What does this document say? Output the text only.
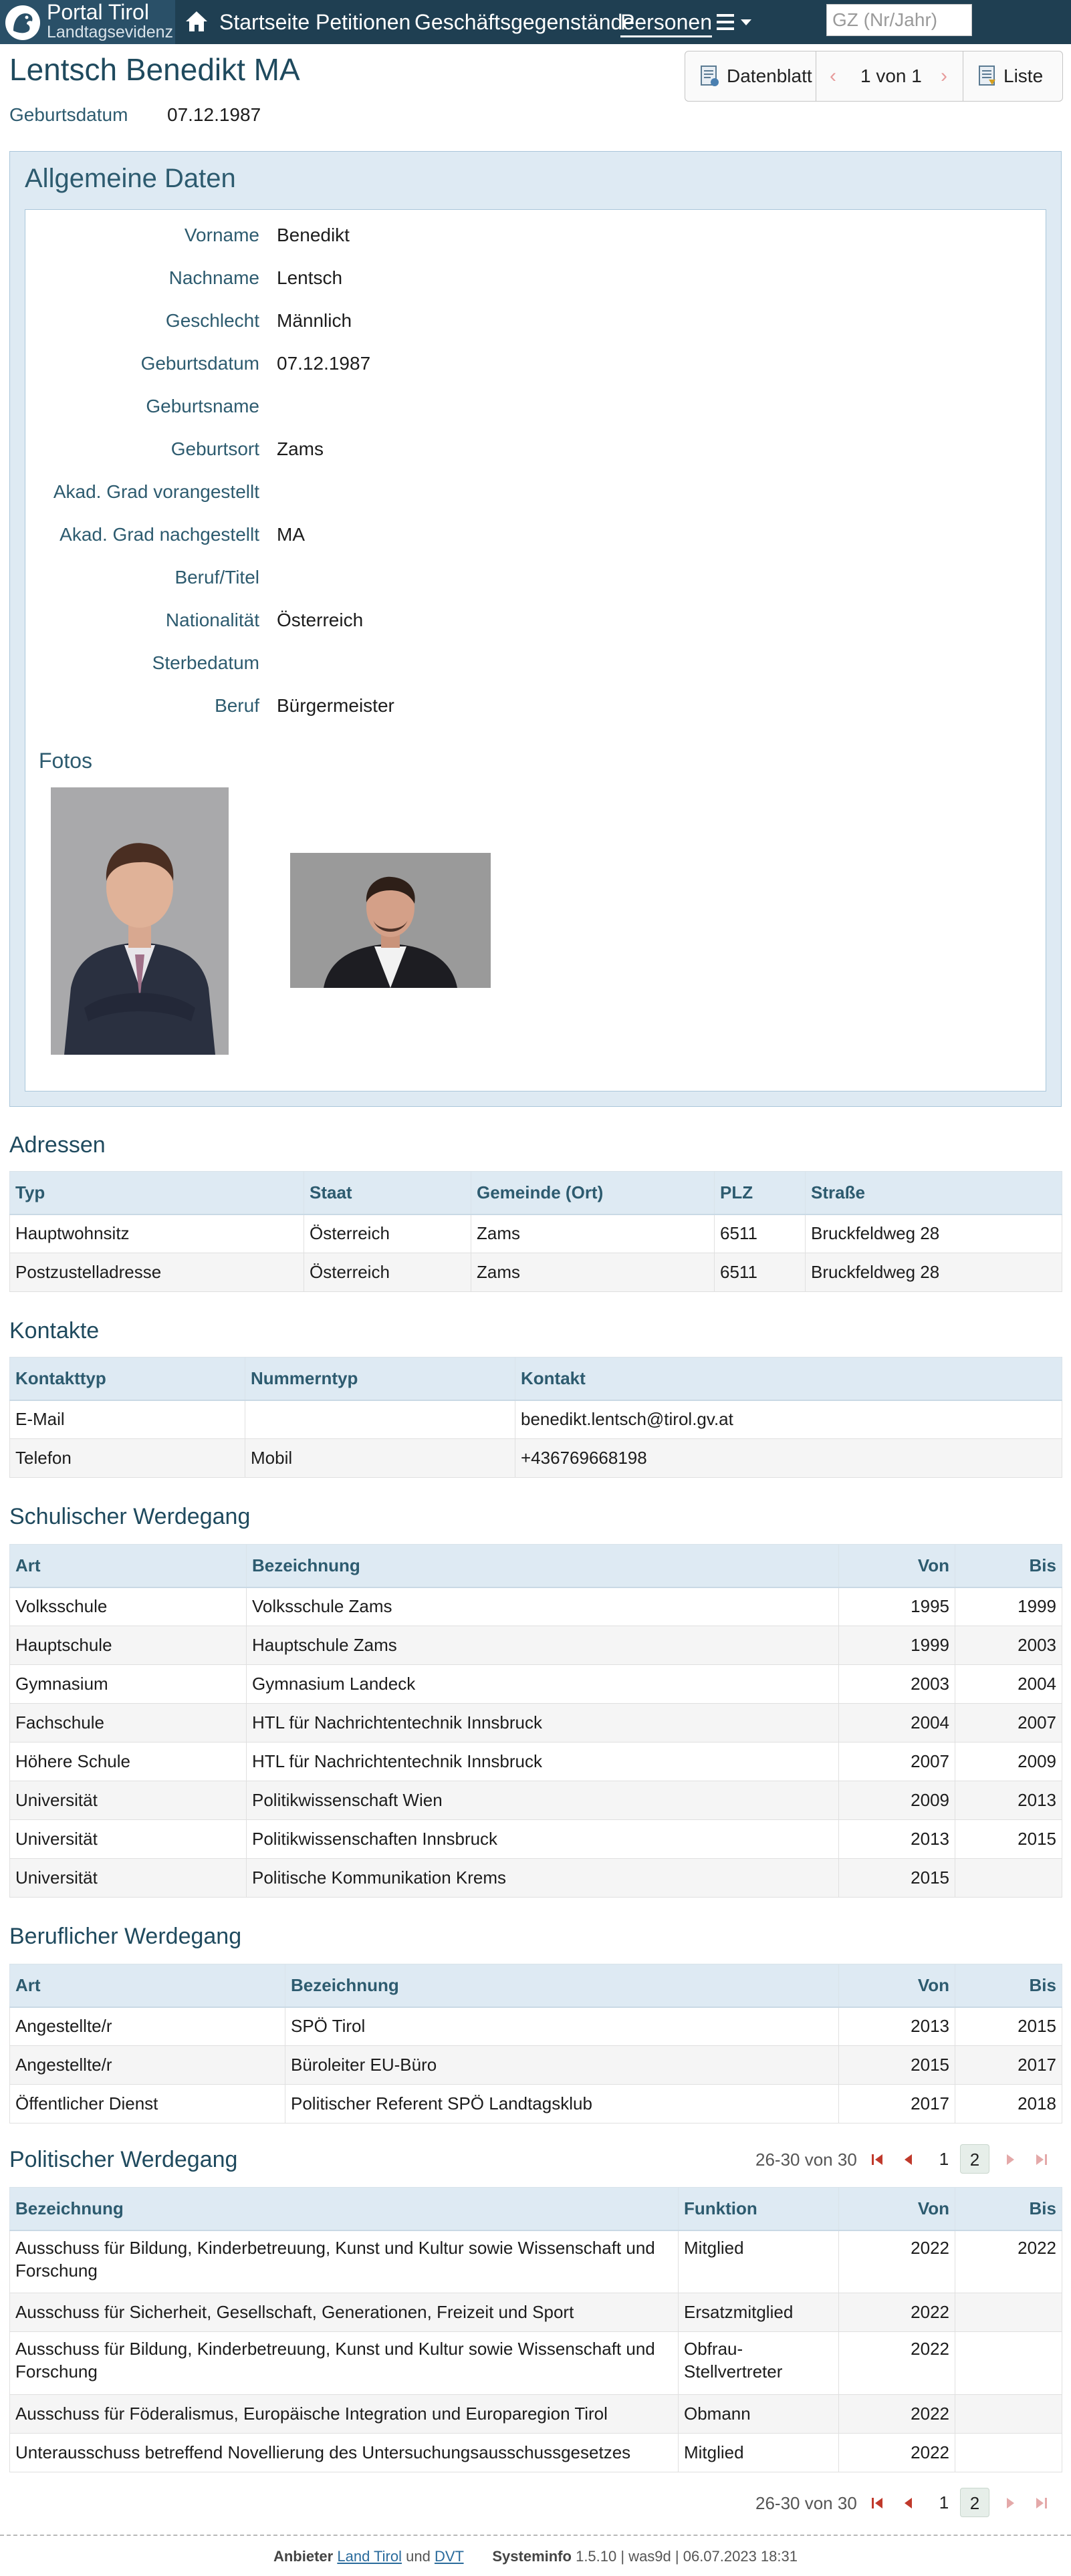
Portal Tirol
Landtagsevidenz Startseite Petitionen Geschäftsgegenstände
Personen
GZ (Nr/Jahr)
Lentsch Benedikt MA
Geburtsdatum 07.12.1987
Datenblatt ‹ 1 von 1 ›	Liste
Allgemeine Daten
Vorname Benedikt
Nachname Lentsch
Geschlecht Männlich
Geburtsdatum 07.12.1987
Geburtsname
Geburtsort Zams
Akad. Grad vorangestellt
Akad. Grad nachgestellt MA
Beruf/Titel
Nationalität Österreich
Sterbedatum
Beruf Bürgermeister
Fotos
Adressen
Typ	Staat	Gemeinde (Ort)	PLZ	Straße
Hauptwohnsitz	Österreich	Zams	6511	Bruckfeldweg 28
Postzustelladresse	Österreich	Zams	6511	Bruckfeldweg 28
Kontakte
Kontakttyp	Nummerntyp	Kontakt
E-Mail		benedikt.lentsch@tirol.gv.at
Telefon	Mobil	+436769668198
Schulischer Werdegang
Art	Bezeichnung	Von	Bis
Volksschule	Volksschule Zams	1995	1999
Hauptschule	Hauptschule Zams	1999	2003
Gymnasium	Gymnasium Landeck	2003	2004
Fachschule	HTL für Nachrichtentechnik Innsbruck	2004	2007
Höhere Schule	HTL für Nachrichtentechnik Innsbruck	2007	2009
Universität	Politikwissenschaft Wien	2009	2013
Universität	Politikwissenschaften Innsbruck	2013	2015
Universität	Politische Kommunikation Krems	2015	
Beruflicher Werdegang
Art	Bezeichnung	Von	Bis
Angestellte/r	SPÖ Tirol	2013	2015
Angestellte/r	Büroleiter EU-Büro	2015	2017
Öffentlicher Dienst	Politischer Referent SPÖ Landtagsklub	2017	2018
Politischer Werdegang	26-30 von 30	1	2
Bezeichnung	Funktion	Von	Bis
Ausschuss für Bildung, Kinderbetreuung, Kunst und Kultur sowie Wissenschaft und Forschung	Mitglied	2022	2022
Ausschuss für Sicherheit, Gesellschaft, Generationen, Freizeit und Sport	Ersatzmitglied	2022	
Ausschuss für Bildung, Kinderbetreuung, Kunst und Kultur sowie Wissenschaft und Forschung	Obfrau-Stellvertreter	2022	
Ausschuss für Föderalismus, Europäische Integration und Europaregion Tirol	Obmann	2022	
Unterausschuss betreffend Novellierung des Untersuchungsausschussgesetzes	Mitglied	2022	
26-30 von 30	1	2
Anbieter Land Tirol und DVT Systeminfo 1.5.10 | was9d | 06.07.2023 18:31
